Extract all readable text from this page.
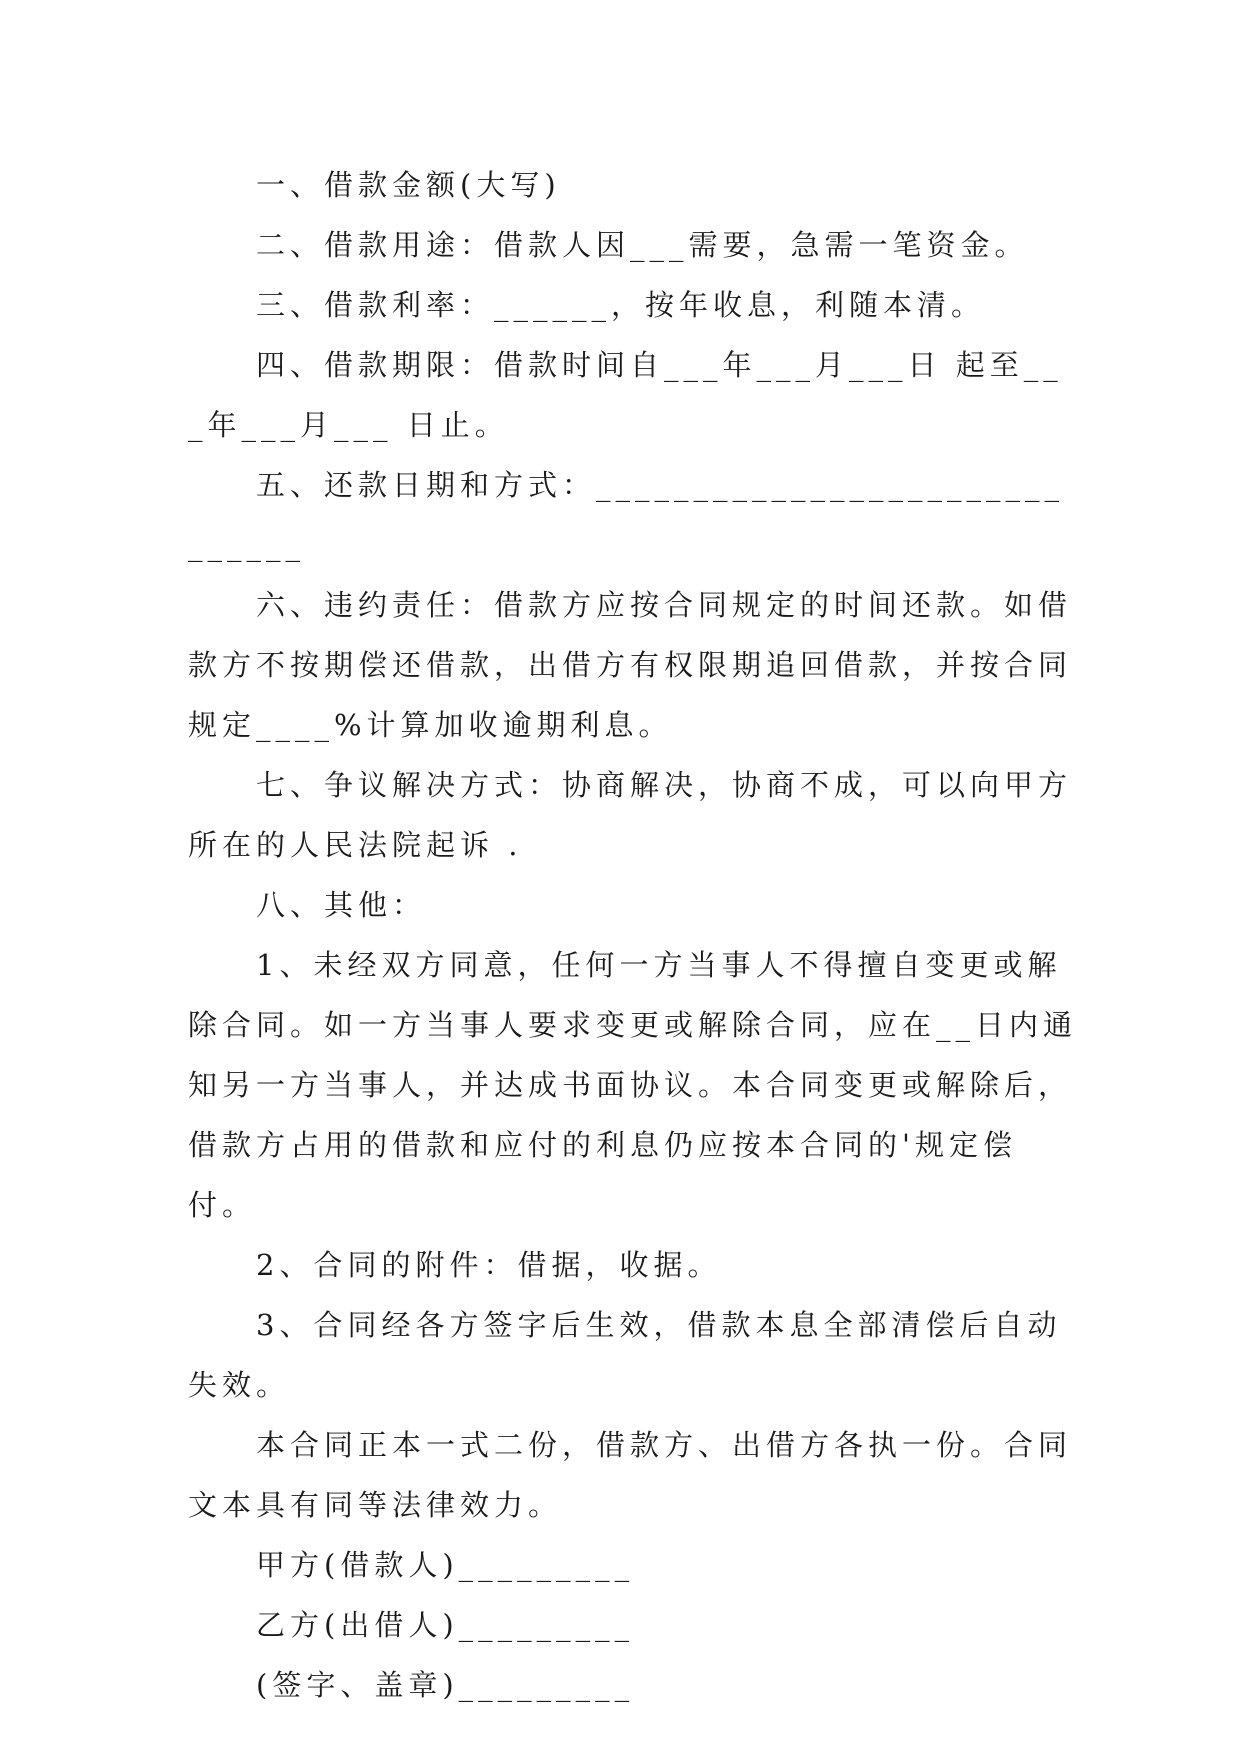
一、借款金额(大写)

二、借款用途：借款人因___需要，急需一笔资金。

三、借款利率：______，按年收息，利随本清。

四、借款期限：借款时间自___年___月___日 起至___年___月___ 日止。

五、还款日期和方式：______________________________

六、违约责任：借款方应按合同规定的时间还款。如借款方不按期偿还借款，出借方有权限期追回借款，并按合同规定____%计算加收逾期利息。

七、争议解决方式：协商解决，协商不成，可以向甲方所在的人民法院起诉 .

八、其他：

1、未经双方同意，任何一方当事人不得擅自变更或解除合同。如一方当事人要求变更或解除合同，应在__日内通知另一方当事人，并达成书面协议。本合同变更或解除后，借款方占用的借款和应付的利息仍应按本合同的'规定偿付。

2、合同的附件：借据，收据。

3、合同经各方签字后生效，借款本息全部清偿后自动失效。

本合同正本一式二份，借款方、出借方各执一份。合同文本具有同等法律效力。

甲方(借款人)_________

乙方(出借人)_________

(签字、盖章)_________
